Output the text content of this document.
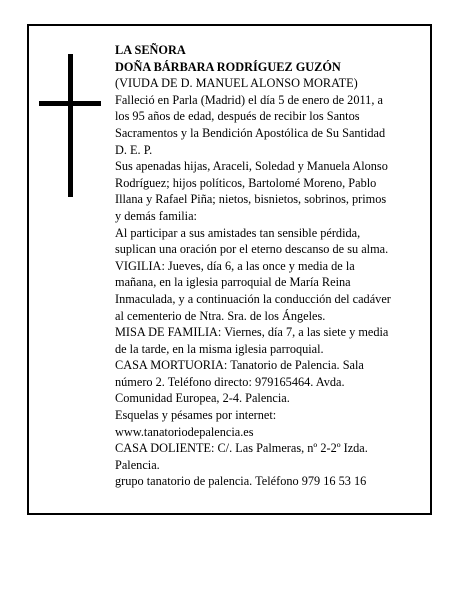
LA SEÑORA
DOÑA BÁRBARA RODRÍGUEZ GUZÓN
(VIUDA DE D. MANUEL ALONSO MORATE)
Falleció en Parla (Madrid) el día 5 de enero de 2011, a
los 95 años de edad, después de recibir los Santos
Sacramentos y la Bendición Apostólica de Su Santidad
D. E. P.
Sus apenadas hijas, Araceli, Soledad y Manuela Alonso
Rodríguez; hijos políticos, Bartolomé Moreno, Pablo
Illana y Rafael Piña; nietos, bisnietos, sobrinos, primos
y demás familia:
Al participar a sus amistades tan sensible pérdida,
suplican una oración por el eterno descanso de su alma.
VIGILIA: Jueves, día 6, a las once y media de la
mañana, en la iglesia parroquial de María Reina
Inmaculada, y a continuación la conducción del cadáver
al cementerio de Ntra. Sra. de los Ángeles.
MISA DE FAMILIA: Viernes, día 7, a las siete y media
de la tarde, en la misma iglesia parroquial.
CASA MORTUORIA: Tanatorio de Palencia. Sala
número 2. Teléfono directo: 979165464. Avda.
Comunidad Europea, 2-4. Palencia.
Esquelas y pésames por internet:
www.tanatoriodepalencia.es
CASA DOLIENTE: C/. Las Palmeras, nº 2-2º Izda.
Palencia.
grupo tanatorio de palencia. Teléfono 979 16 53 16
